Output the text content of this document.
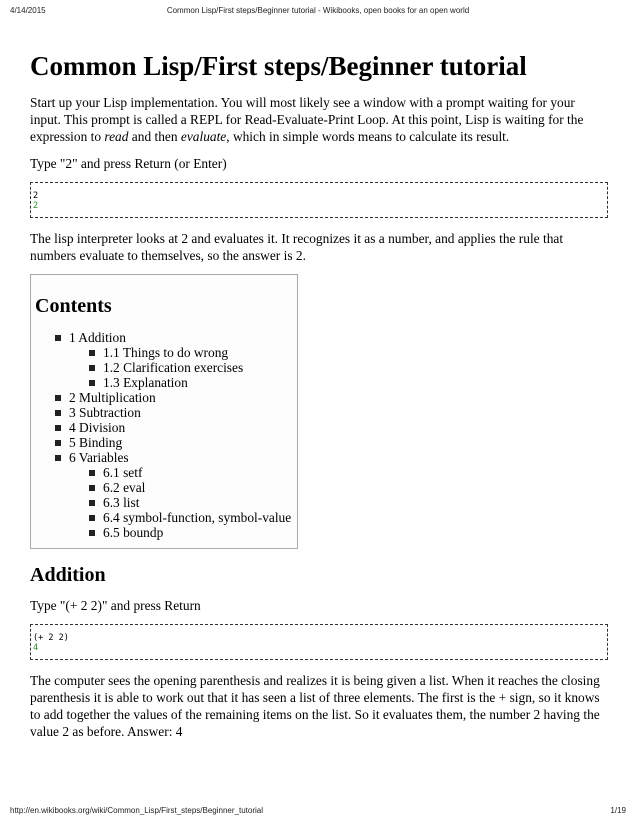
4/14/2015	Common Lisp/First steps/Beginner tutorial - Wikibooks, open books for an open world
Common Lisp/First steps/Beginner tutorial

Start up your Lisp implementation. You will most likely see a window with a prompt waiting for your input. This prompt is called a REPL for Read-Evaluate-Print Loop. At this point, Lisp is waiting for the expression to read and then evaluate, which in simple words means to calculate its result.

Type "2" and press Return (or Enter)

2
2

The lisp interpreter looks at 2 and evaluates it. It recognizes it as a number, and applies the rule that numbers evaluate to themselves, so the answer is 2.

Contents
1 Addition
1.1 Things to do wrong
1.2 Clarification exercises
1.3 Explanation
2 Multiplication
3 Subtraction
4 Division
5 Binding
6 Variables
6.1 setf
6.2 eval
6.3 list
6.4 symbol-function, symbol-value
6.5 boundp
Addition

Type "(+ 2 2)" and press Return

(+ 2 2)
4

The computer sees the opening parenthesis and realizes it is being given a list. When it reaches the closing parenthesis it is able to work out that it has seen a list of three elements. The first is the + sign, so it knows to add together the values of the remaining items on the list. So it evaluates them, the number 2 having the value 2 as before. Answer: 4

http://en.wikibooks.org/wiki/Common_Lisp/First_steps/Beginner_tutorial	1/19
